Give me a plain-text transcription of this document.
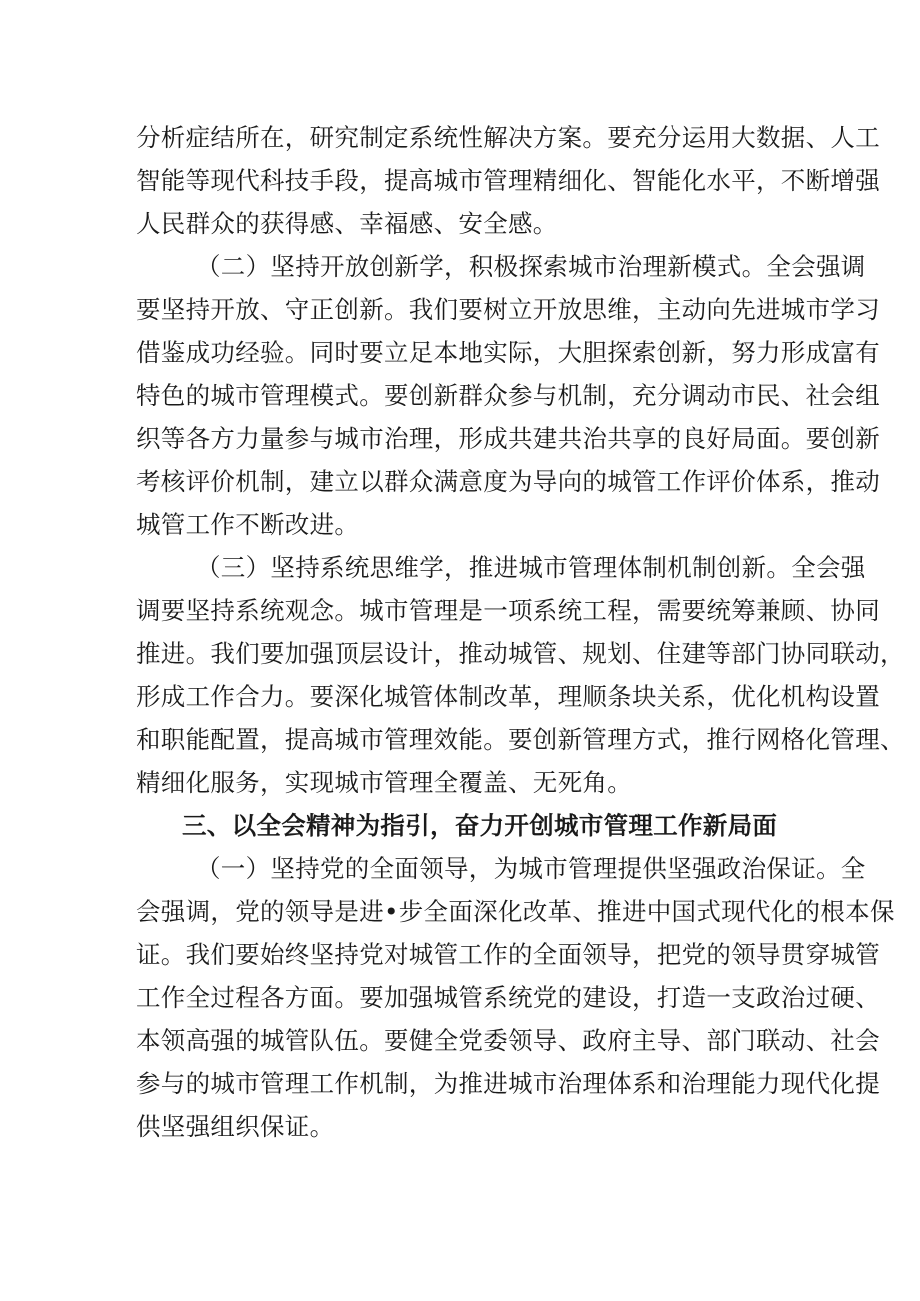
分析症结所在，研究制定系统性解决方案。要充分运用大数据、人工
智能等现代科技手段，提高城市管理精细化、智能化水平，不断增强
人民群众的获得感、幸福感、安全感。
（二）坚持开放创新学，积极探索城市治理新模式。全会强调
要坚持开放、守正创新。我们要树立开放思维，主动向先进城市学习
借鉴成功经验。同时要立足本地实际，大胆探索创新，努力形成富有
特色的城市管理模式。要创新群众参与机制，充分调动市民、社会组
织等各方力量参与城市治理，形成共建共治共享的良好局面。要创新
考核评价机制，建立以群众满意度为导向的城管工作评价体系，推动
城管工作不断改进。
（三）坚持系统思维学，推进城市管理体制机制创新。全会强
调要坚持系统观念。城市管理是一项系统工程，需要统筹兼顾、协同
推进。我们要加强顶层设计，推动城管、规划、住建等部门协同联动，
形成工作合力。要深化城管体制改革，理顺条块关系，优化机构设置
和职能配置，提高城市管理效能。要创新管理方式，推行网格化管理、
精细化服务，实现城市管理全覆盖、无死角。
三、以全会精神为指引，奋力开创城市管理工作新局面
（一）坚持党的全面领导，为城市管理提供坚强政治保证。全
会强调，党的领导是进•步全面深化改革、推进中国式现代化的根本保
证。我们要始终坚持党对城管工作的全面领导，把党的领导贯穿城管
工作全过程各方面。要加强城管系统党的建设，打造一支政治过硬、
本领高强的城管队伍。要健全党委领导、政府主导、部门联动、社会
参与的城市管理工作机制，为推进城市治理体系和治理能力现代化提
供坚强组织保证。
